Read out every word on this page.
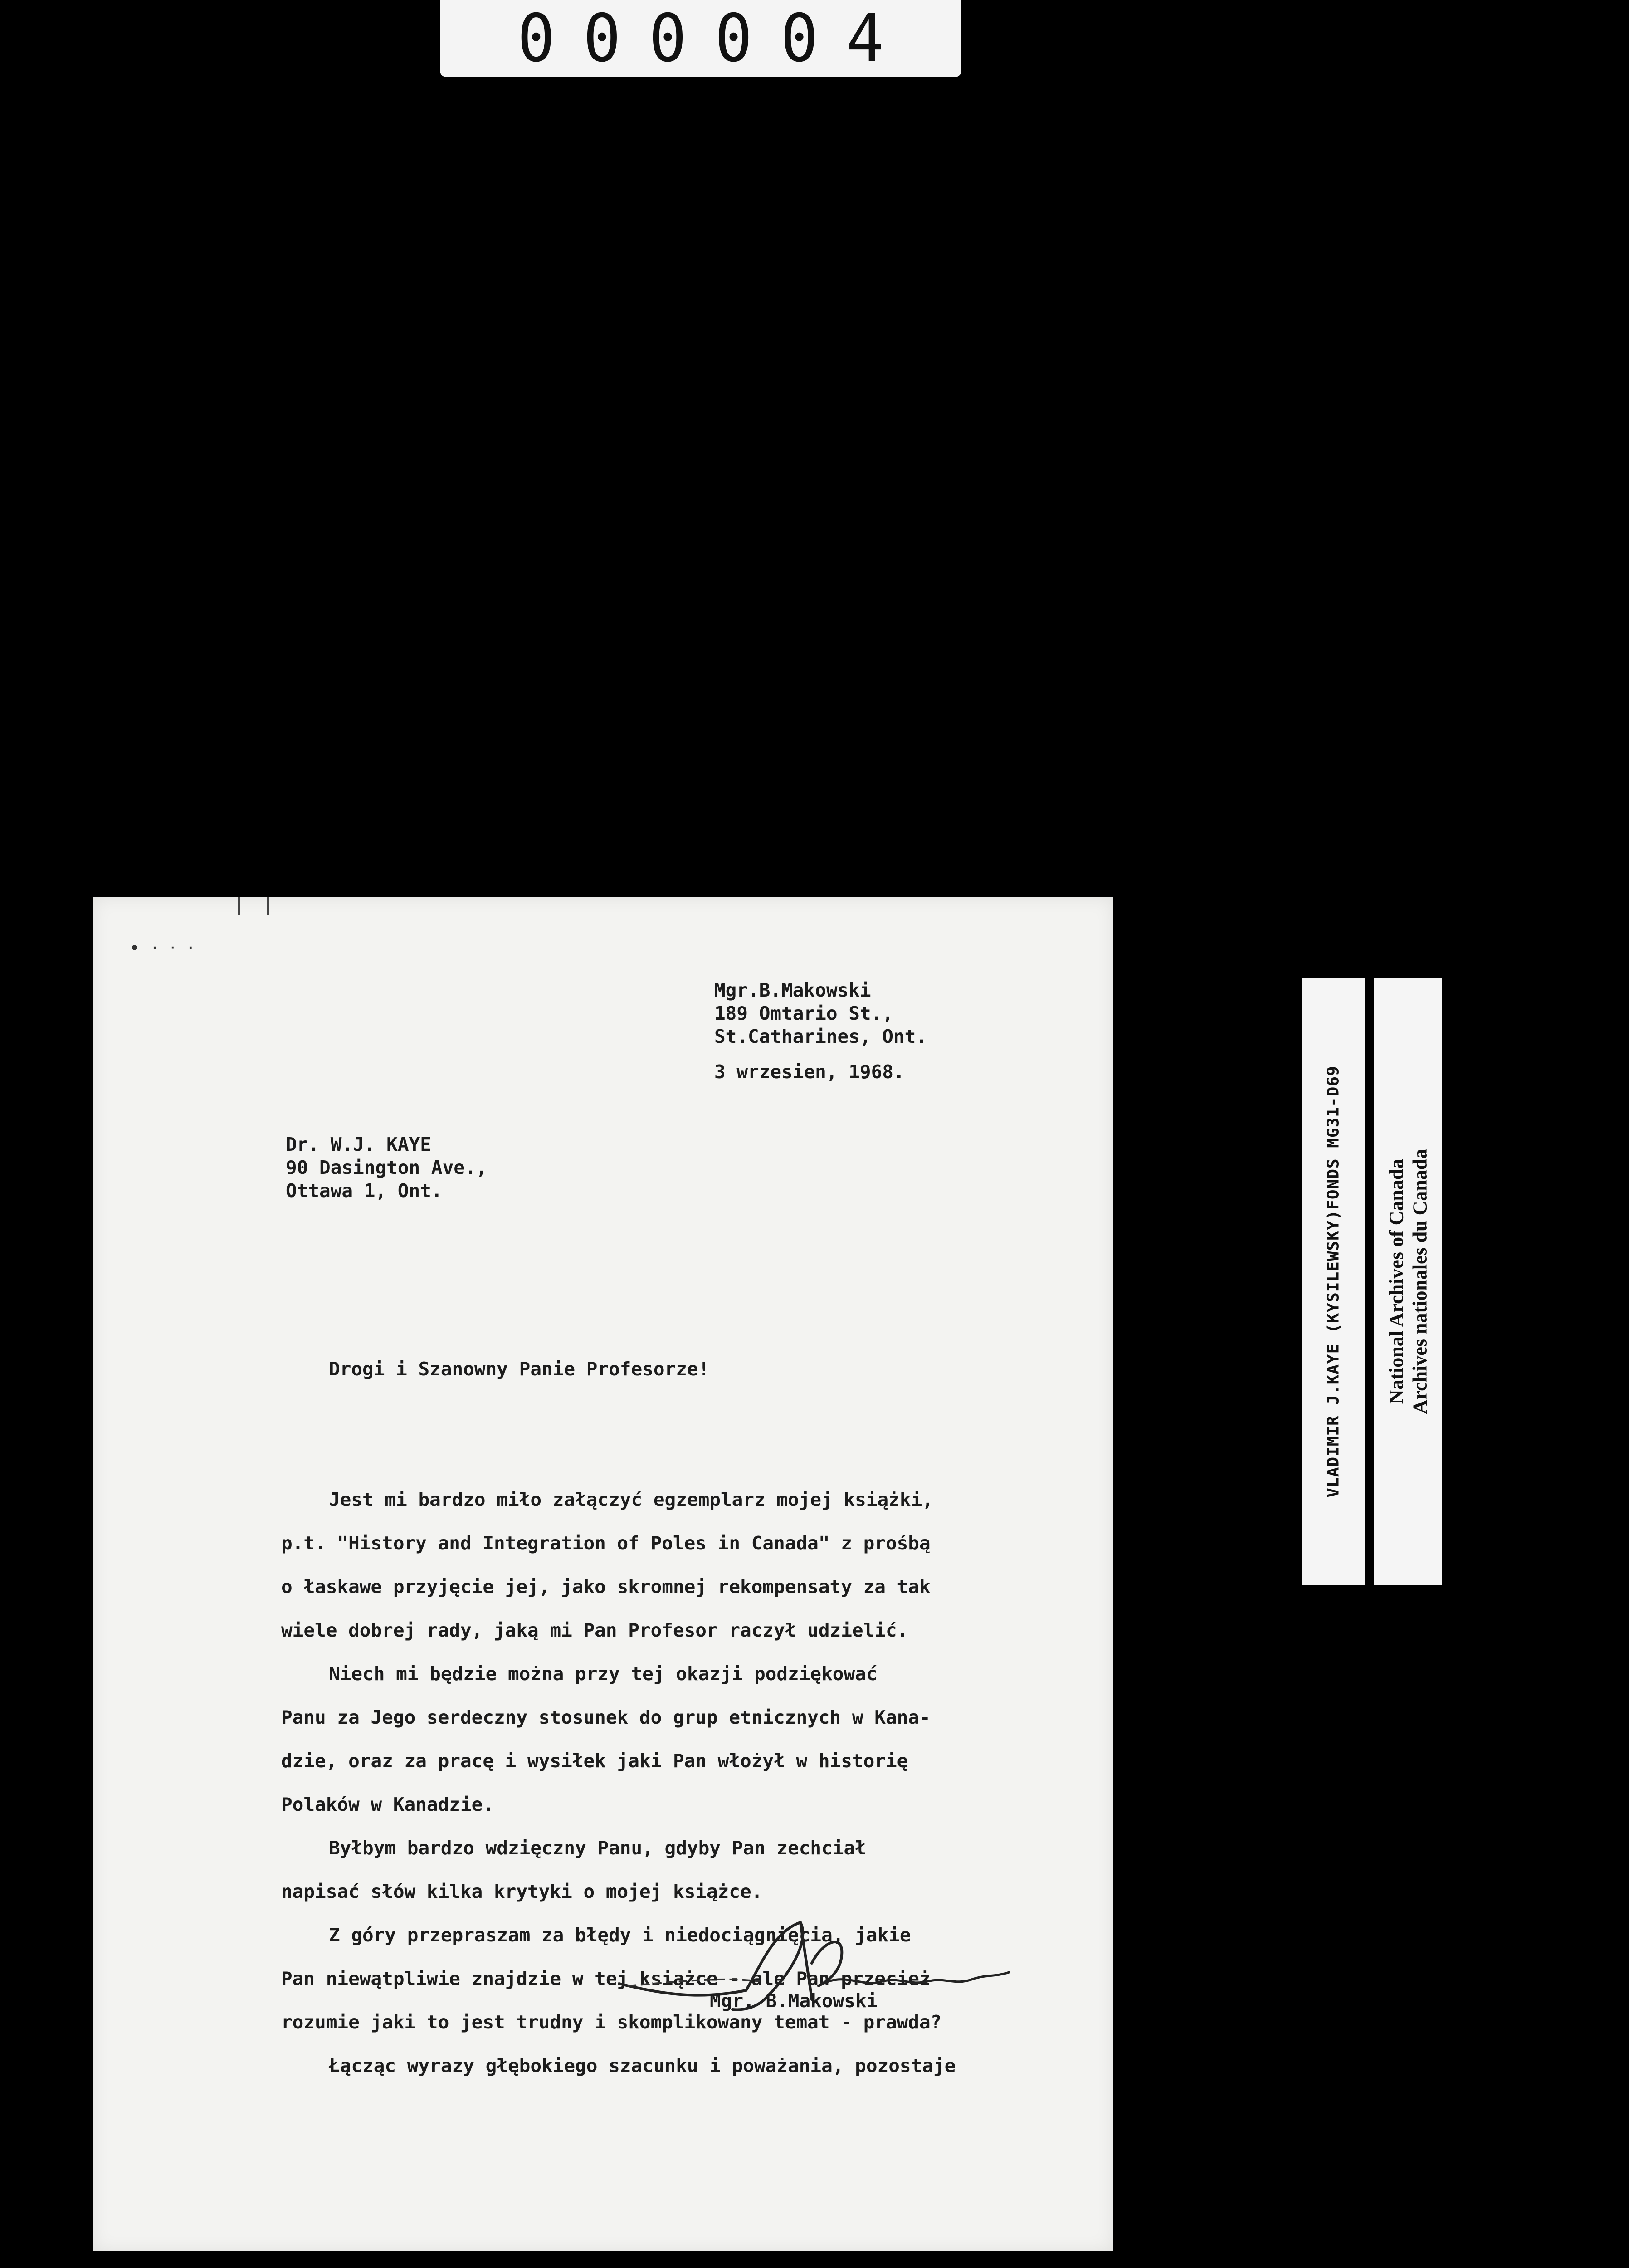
000004
•·‧·
Mgr.B.Makowski
189 Omtario St.,
St.Catharines, Ont.
3 wrzesien, 1968.
Dr. W.J. KAYE
90 Dasington Ave.,
Ottawa 1, Ont.

Drogi i Szanowny Panie Profesorze!

Jest mi bardzo miło załączyć egzemplarz mojej książki,
p.t. "History and Integration of Poles in Canada" z prośbą
o łaskawe przyjęcie jej, jako skromnej rekompensaty za tak
wiele dobrej rady, jaką mi Pan Profesor raczył udzielić.
Niech mi będzie można przy tej okazji podziękować
Panu za Jego serdeczny stosunek do grup etnicznych w Kana-
dzie, oraz za pracę i wysiłek jaki Pan włożył w historię
Polaków w Kanadzie.
Byłbym bardzo wdzięczny Panu, gdyby Pan zechciał
napisać słów kilka krytyki o mojej książce.
Z góry przepraszam za błędy i niedociągnięcia, jakie
Pan niewątpliwie znajdzie w tej książce - ale Pan przecież
rozumie jaki to jest trudny i skomplikowany temat - prawda?
Łącząc wyrazy głębokiego szacunku i poważania, pozostaje

Mgr. B.Makowski
VLADIMIR J.KAYE (KYSILEWSKY)FONDS MG31-D69 National Archives of Canada Archives nationales du Canada
